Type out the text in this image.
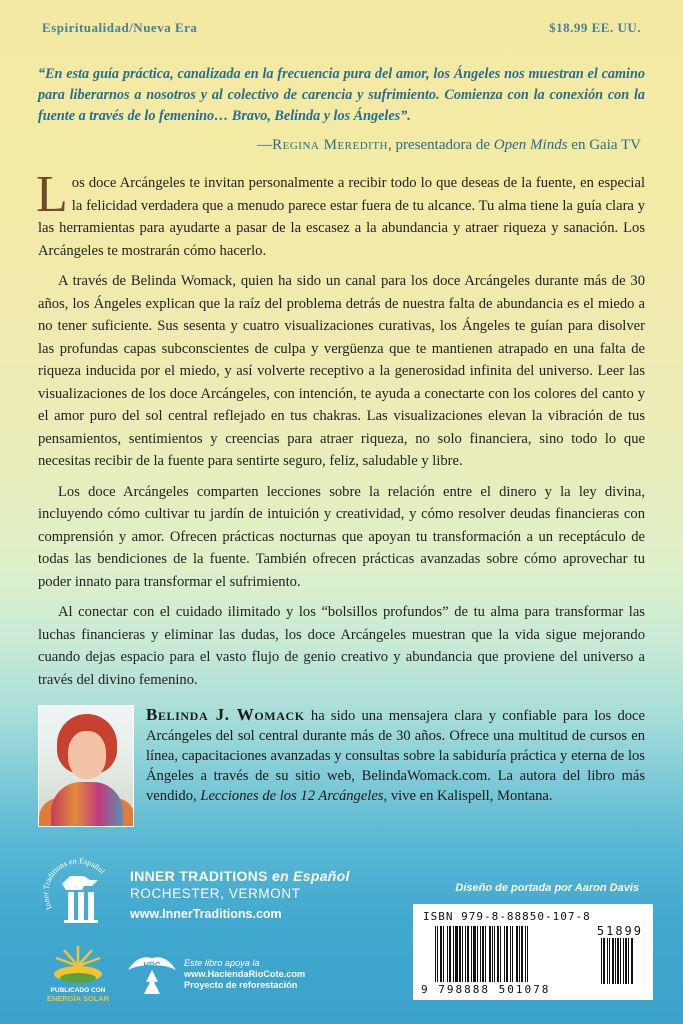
Espiritualidad/Nueva Era	$18.99 EE. UU.
“En esta guía práctica, canalizada en la frecuencia pura del amor, los Ángeles nos muestran el camino para liberarnos a nosotros y al colectivo de carencia y sufrimiento. Comienza con la conexión con la fuente a través de lo femenino… Bravo, Belinda y los Ángeles”.
—Regina Meredith, presentadora de Open Minds en Gaia TV

Los doce Arcángeles te invitan personalmente a recibir todo lo que deseas de la fuente, en especial la felicidad verdadera que a menudo parece estar fuera de tu alcance. Tu alma tiene la guía clara y las herramientas para ayudarte a pasar de la escasez a la abundancia y atraer riqueza y sanación. Los Arcángeles te mostrarán cómo hacerlo.

A través de Belinda Womack, quien ha sido un canal para los doce Arcángeles durante más de 30 años, los Ángeles explican que la raíz del problema detrás de nuestra falta de abundancia es el miedo a no tener suficiente. Sus sesenta y cuatro visualizaciones curativas, los Ángeles te guían para disolver las profundas capas subconscientes de culpa y vergüenza que te mantienen atrapado en una falta de riqueza inducida por el miedo, y así volverte receptivo a la generosidad infinita del universo. Leer las visualizaciones de los doce Arcángeles, con intención, te ayuda a conectarte con los colores del canto y el amor puro del sol central reflejado en tus chakras. Las visualizaciones elevan la vibración de tus pensamientos, sentimientos y creencias para atraer riqueza, no solo financiera, sino todo lo que necesitas recibir de la fuente para sentirte seguro, feliz, saludable y libre.

Los doce Arcángeles comparten lecciones sobre la relación entre el dinero y la ley divina, incluyendo cómo cultivar tu jardín de intuición y creatividad, y cómo resolver deudas financieras con comprensión y amor. Ofrecen prácticas nocturnas que apoyan tu transformación a un receptáculo de todas las bendiciones de la fuente. También ofrecen prácticas avanzadas sobre cómo aprovechar tu poder innato para transformar el sufrimiento.

Al conectar con el cuidado ilimitado y los “bolsillos profundos” de tu alma para transformar las luchas financieras y eliminar las dudas, los doce Arcángeles muestran que la vida sigue mejorando cuando dejas espacio para el vasto flujo de genio creativo y abundancia que proviene del universo a través del divino femenino.

Belinda J. Womack ha sido una mensajera clara y confiable para los doce Arcángeles del sol central durante más de 30 años. Ofrece una multitud de cursos en línea, capacitaciones avanzadas y consultas sobre la sabiduría práctica y eterna de los Ángeles a través de su sitio web, BelindaWomack.com. La autora del libro más vendido, Lecciones de los 12 Arcángeles, vive en Kalispell, Montana.
Inner Traditions en Español INNER TRADITIONS en Español
ROCHESTER, VERMONT
www.InnerTraditions.com
Diseño de portada por Aaron Davis
ISBN 979-8-88850-107-8
51899
9 798888 501078
PUBLICADO CON
ENERGÍA SOLAR
HRC	Este libro apoya la
www.HaciendaRioCote.com
Proyecto de reforestación
